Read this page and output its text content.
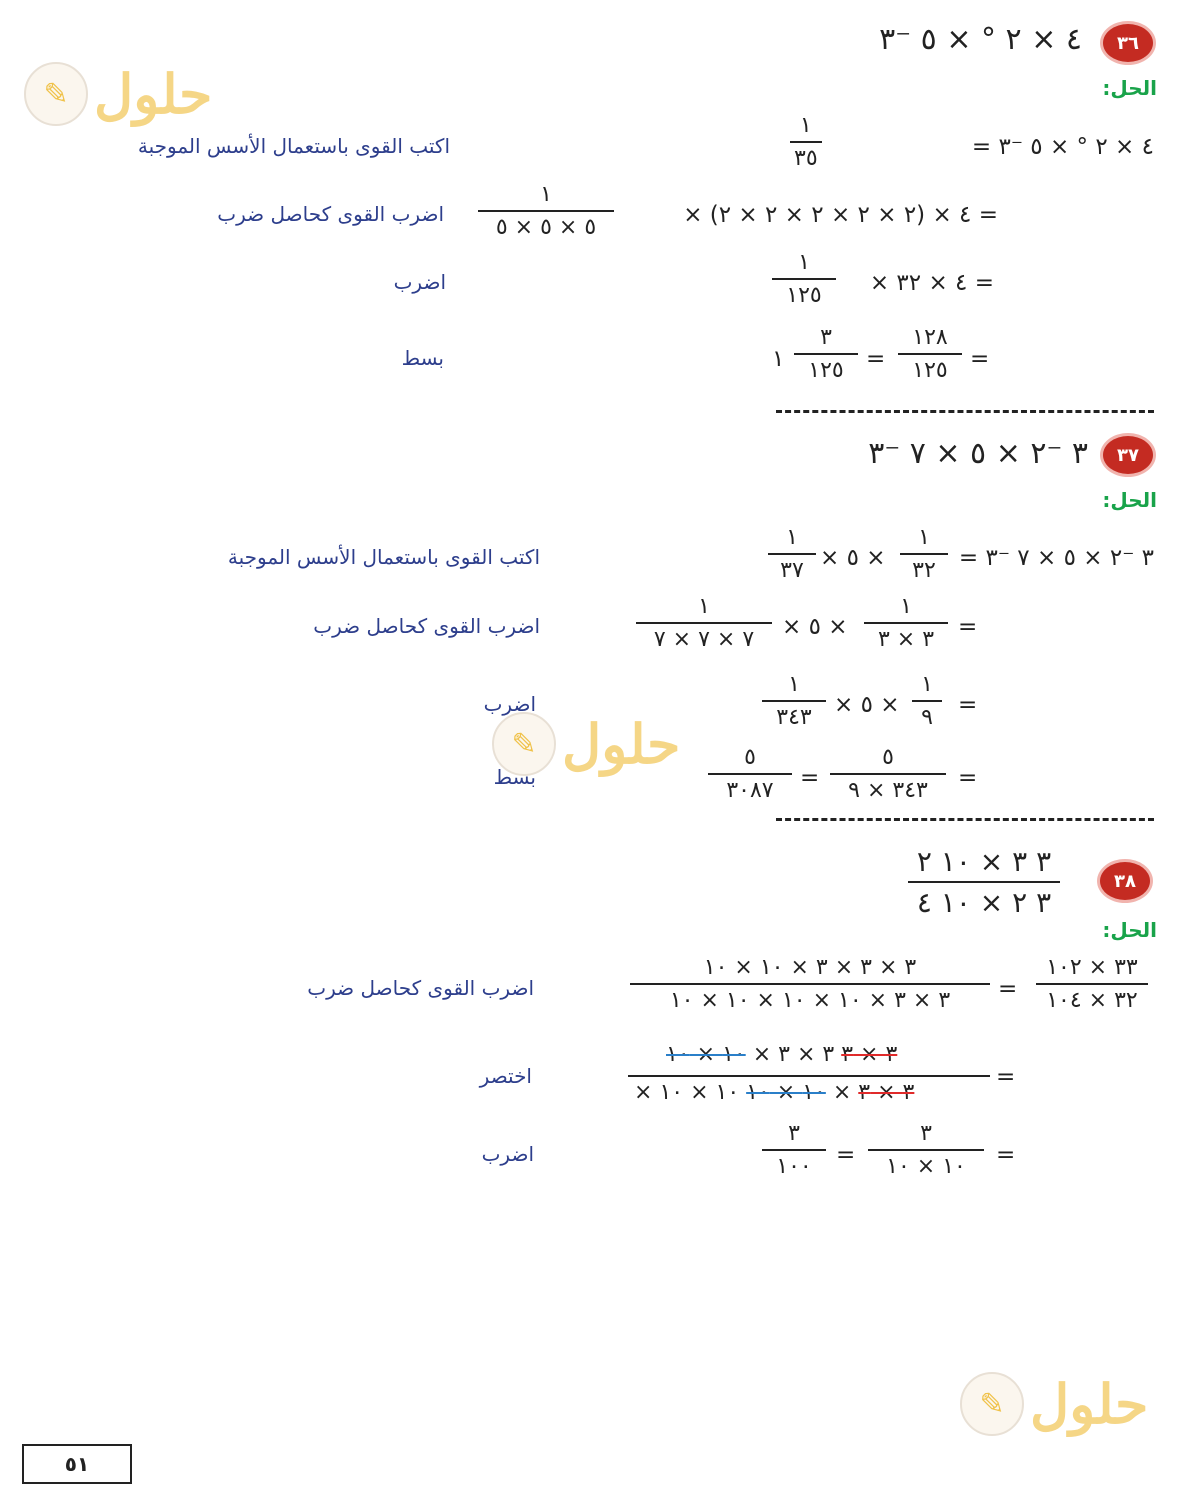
✎ حلول
✎ حلول
✎ حلول
٣٦
٤ × ٢ ° × ٥ ⁻٣
الحل:
٤ × ٢ ° × ٥ ⁻٣ =
١
٣٥
اكتب القوى باستعمال الأسس الموجبة
= ٤ × (٢ × ٢ × ٢ × ٢ × ٢) ×
١
٥ × ٥ × ٥
اضرب القوى كحاصل ضرب
= ٤ × ٣٢ ×
١
١٢٥
اضرب
=
١٢٨
١٢٥
=
٣
١٢٥
١
بسط
٣٧
٣ ⁻٢ × ٥ × ٧ ⁻٣
الحل:
٣ ⁻٢ × ٥ × ٧ ⁻٣ =
١
٣٢
× ٥ ×
١
٣٧
اكتب القوى باستعمال الأسس الموجبة
=
١
٣ × ٣
× ٥ ×
١
٧ × ٧ × ٧
اضرب القوى كحاصل ضرب
=
١
٩
× ٥ ×
١
٣٤٣
اضرب
=
٥
٣٤٣ × ٩
=
٥
٣٠٨٧
بسط
٣٨
٣ ٣ × ١٠ ٢
٣ ٢ × ١٠ ٤
الحل:
٣٣ × ١٠٢
٣٢ × ١٠٤
=
٣ × ٣ × ٣ × ١٠ × ١٠
٣ × ٣ × ١٠ × ١٠ × ١٠ × ١٠
اضرب القوى كحاصل ضرب
=
٣ × ٣ ٣ × ٣ × ١٠ × ١٠
٣ × ٣ × ١٠ × ١٠ ١٠ × ١٠ ×
اختصر
=
٣
١٠ × ١٠
=
٣
١٠٠
اضرب
٥١
